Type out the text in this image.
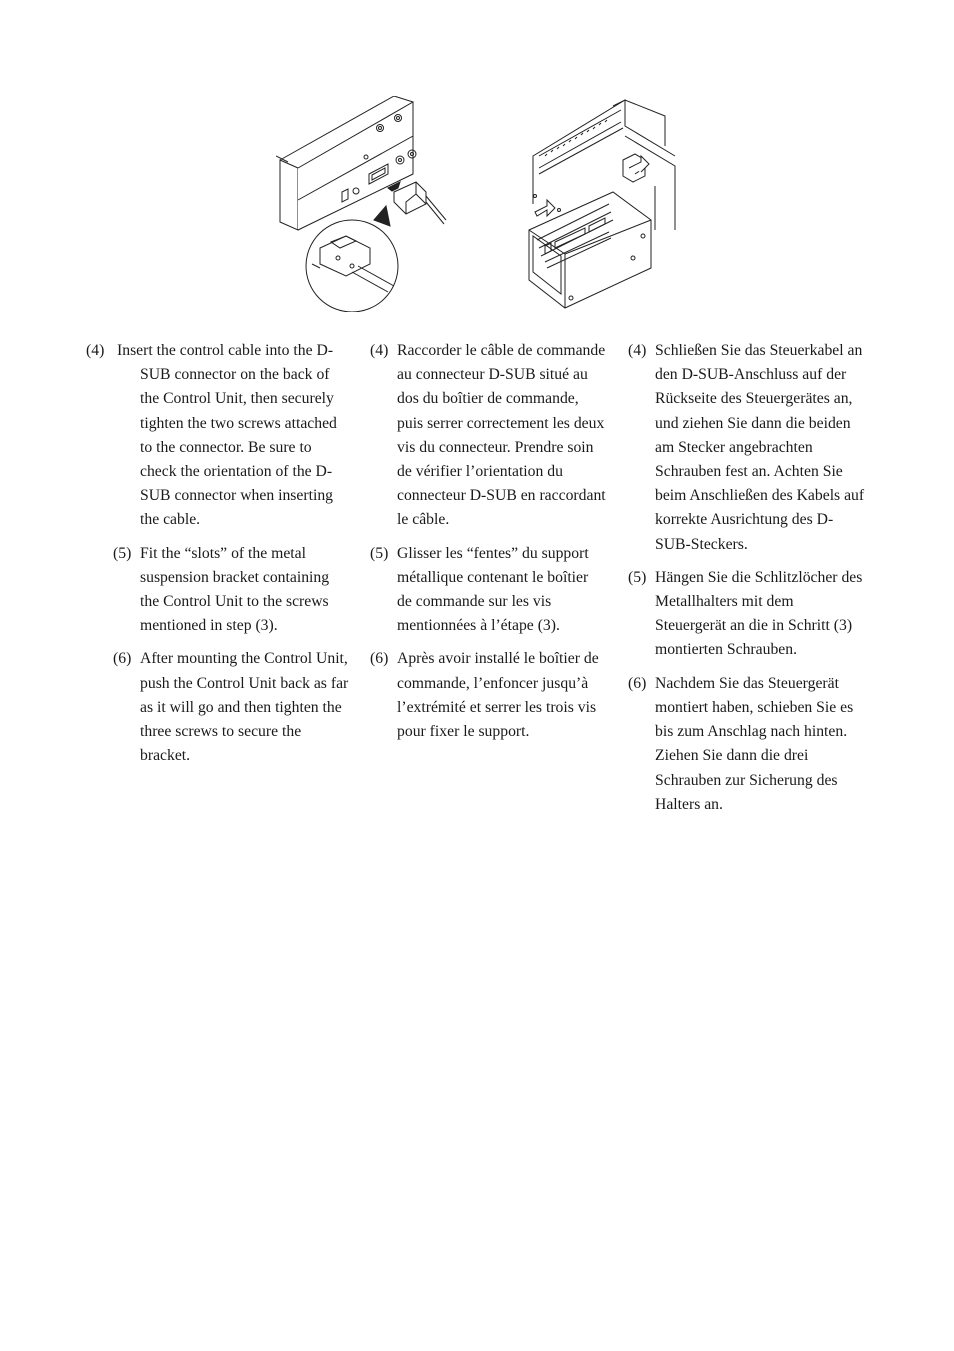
(4) Insert the control cable into the D-SUB connector on the back of the Control Unit, then securely tighten the two screws attached to the connector. Be sure to check the orientation of the D-SUB connector when inserting the cable.
(5) Fit the “slots” of the metal suspension bracket containing the Control Unit to the screws mentioned in step (3).
(6) After mounting the Control Unit, push the Control Unit back as far as it will go and then tighten the three screws to secure the bracket.
(4) Raccorder le câble de commande au connecteur D-SUB situé au dos du boîtier de commande, puis serrer correctement les deux vis du connecteur. Prendre soin de vérifier l’orientation du connecteur D-SUB en raccordant le câble.
(5) Glisser les “fentes” du support métallique contenant le boîtier de commande sur les vis mentionnées à l’étape (3).
(6) Après avoir installé le boîtier de commande, l’enfoncer jusqu’à l’extrémité et serrer les trois vis pour fixer le support.
(4) Schließen Sie das Steuerkabel an den D-SUB-Anschluss auf der Rückseite des Steuergerätes an, und ziehen Sie dann die beiden am Stecker angebrachten Schrauben fest an. Achten Sie beim Anschließen des Kabels auf korrekte Ausrichtung des D-SUB-Steckers.
(5) Hängen Sie die Schlitzlöcher des Metallhalters mit dem Steuergerät an die in Schritt (3) montierten Schrauben.
(6) Nachdem Sie das Steuergerät montiert haben, schieben Sie es bis zum Anschlag nach hinten. Ziehen Sie dann die drei Schrauben zur Sicherung des Halters an.
